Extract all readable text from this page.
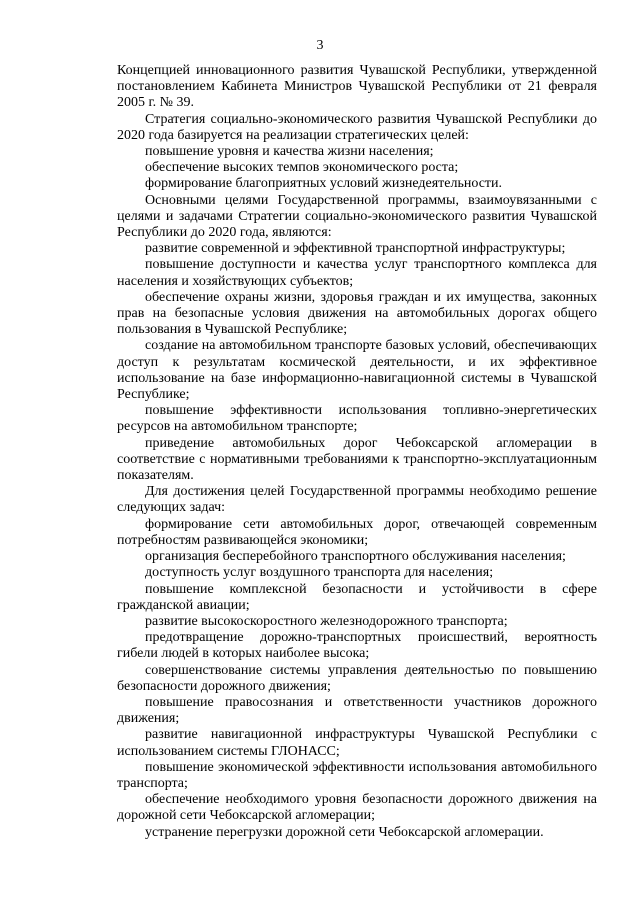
3

Концепцией инновационного развития Чувашской Республики, утвержденной постановлением Кабинета Министров Чувашской Республики от 21 февраля 2005 г. № 39.

Стратегия социально-экономического развития Чувашской Республики до 2020 года базируется на реализации стратегических целей:

повышение уровня и качества жизни населения;

обеспечение высоких темпов экономического роста;

формирование благоприятных условий жизнедеятельности.

Основными целями Государственной программы, взаимоувязанными с целями и задачами Стратегии социально-экономического развития Чувашской Республики до 2020 года, являются:

развитие современной и эффективной транспортной инфраструктуры;

повышение доступности и качества услуг транспортного комплекса для населения и хозяйствующих субъектов;

обеспечение охраны жизни, здоровья граждан и их имущества, законных прав на безопасные условия движения на автомобильных дорогах общего пользования в Чувашской Республике;

создание на автомобильном транспорте базовых условий, обеспечивающих доступ к результатам космической деятельности, и их эффективное использование на базе информационно-навигационной системы в Чувашской Республике;

повышение эффективности использования топливно-энергетических ресурсов на автомобильном транспорте;

приведение автомобильных дорог Чебоксарской агломерации в соответствие с нормативными требованиями к транспортно-эксплуатационным показателям.

Для достижения целей Государственной программы необходимо решение следующих задач:

формирование сети автомобильных дорог, отвечающей современным потребностям развивающейся экономики;

организация бесперебойного транспортного обслуживания населения;

доступность услуг воздушного транспорта для населения;

повышение комплексной безопасности и устойчивости в сфере гражданской авиации;

развитие высокоскоростного железнодорожного транспорта;

предотвращение дорожно-транспортных происшествий, вероятность гибели людей в которых наиболее высока;

совершенствование системы управления деятельностью по повышению безопасности дорожного движения;

повышение правосознания и ответственности участников дорожного движения;

развитие навигационной инфраструктуры Чувашской Республики с использованием системы ГЛОНАСС;

повышение экономической эффективности использования автомобильного транспорта;

обеспечение необходимого уровня безопасности дорожного движения на дорожной сети Чебоксарской агломерации;

устранение перегрузки дорожной сети Чебоксарской агломерации.
